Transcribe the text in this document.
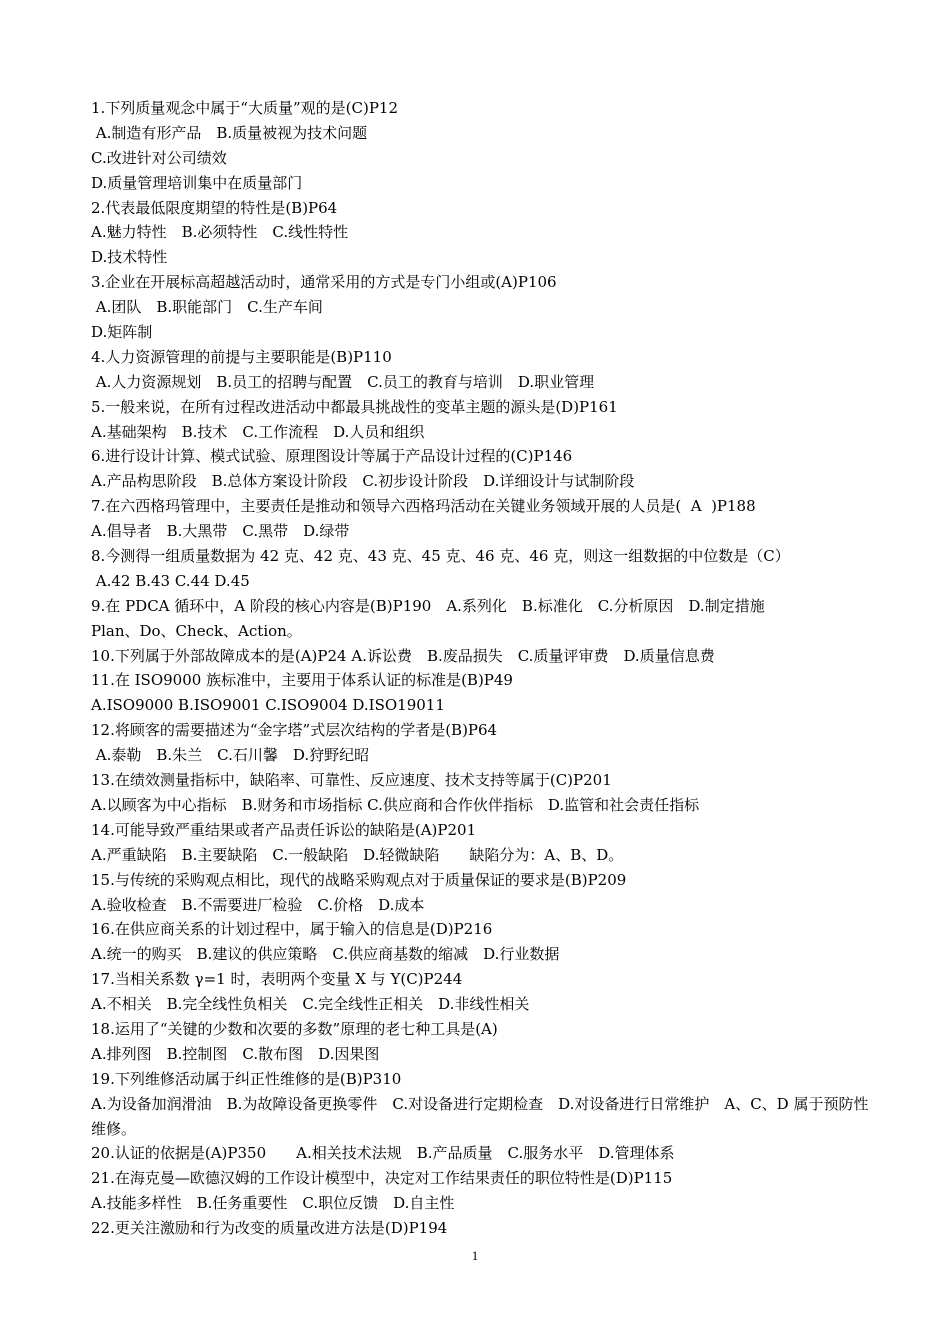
1.下列质量观念中属于“大质量”观的是(C)P12
A.制造有形产品　B.质量被视为技术问题
C.改进针对公司绩效
D.质量管理培训集中在质量部门
2.代表最低限度期望的特性是(B)P64
A.魅力特性　B.必须特性　C.线性特性
D.技术特性
3.企业在开展标高超越活动时，通常采用的方式是专门小组或(A)P106
A.团队　B.职能部门　C.生产车间
D.矩阵制
4.人力资源管理的前提与主要职能是(B)P110
A.人力资源规划　B.员工的招聘与配置　C.员工的教育与培训　D.职业管理
5.一般来说，在所有过程改进活动中都最具挑战性的变革主题的源头是(D)P161
A.基础架构　B.技术　C.工作流程　D.人员和组织
6.进行设计计算、模式试验、原理图设计等属于产品设计过程的(C)P146
A.产品构思阶段　B.总体方案设计阶段　C.初步设计阶段　D.详细设计与试制阶段
7.在六西格玛管理中，主要责任是推动和领导六西格玛活动在关键业务领域开展的人员是(  A  )P188
A.倡导者　B.大黑带　C.黑带　D.绿带
8.今测得一组质量数据为 42 克、42 克、43 克、45 克、46 克、46 克，则这一组数据的中位数是（C）
A.42 B.43 C.44 D.45
9.在 PDCA 循环中，A 阶段的核心内容是(B)P190　A.系列化　B.标准化　C.分析原因　D.制定措施
Plan、Do、Check、Action。
10.下列属于外部故障成本的是(A)P24 A.诉讼费　B.废品损失　C.质量评审费　D.质量信息费
11.在 ISO9000 族标准中，主要用于体系认证的标准是(B)P49
A.ISO9000 B.ISO9001 C.ISO9004 D.ISO19011
12.将顾客的需要描述为“金字塔”式层次结构的学者是(B)P64
A.泰勒　B.朱兰　C.石川馨　D.狩野纪昭
13.在绩效测量指标中，缺陷率、可靠性、反应速度、技术支持等属于(C)P201
A.以顾客为中心指标　B.财务和市场指标 C.供应商和合作伙伴指标　D.监管和社会责任指标
14.可能导致严重结果或者产品责任诉讼的缺陷是(A)P201
A.严重缺陷　B.主要缺陷　C.一般缺陷　D.轻微缺陷　　缺陷分为：A、B、D。
15.与传统的采购观点相比，现代的战略采购观点对于质量保证的要求是(B)P209
A.验收检查　B.不需要进厂检验　C.价格　D.成本
16.在供应商关系的计划过程中，属于输入的信息是(D)P216
A.统一的购买　B.建议的供应策略　C.供应商基数的缩减　D.行业数据
17.当相关系数 γ=1 时，表明两个变量 X 与 Y(C)P244
A.不相关　B.完全线性负相关　C.完全线性正相关　D.非线性相关
18.运用了“关键的少数和次要的多数”原理的老七种工具是(A)
A.排列图　B.控制图　C.散布图　D.因果图
19.下列维修活动属于纠正性维修的是(B)P310
A.为设备加润滑油　B.为故障设备更换零件　C.对设备进行定期检查　D.对设备进行日常维护　A、C、D 属于预防性维修。
20.认证的依据是(A)P350　　A.相关技术法规　B.产品质量　C.服务水平　D.管理体系
21.在海克曼—欧德汉姆的工作设计模型中，决定对工作结果责任的职位特性是(D)P115
A.技能多样性　B.任务重要性　C.职位反馈　D.自主性
22.更关注激励和行为改变的质量改进方法是(D)P194
1
